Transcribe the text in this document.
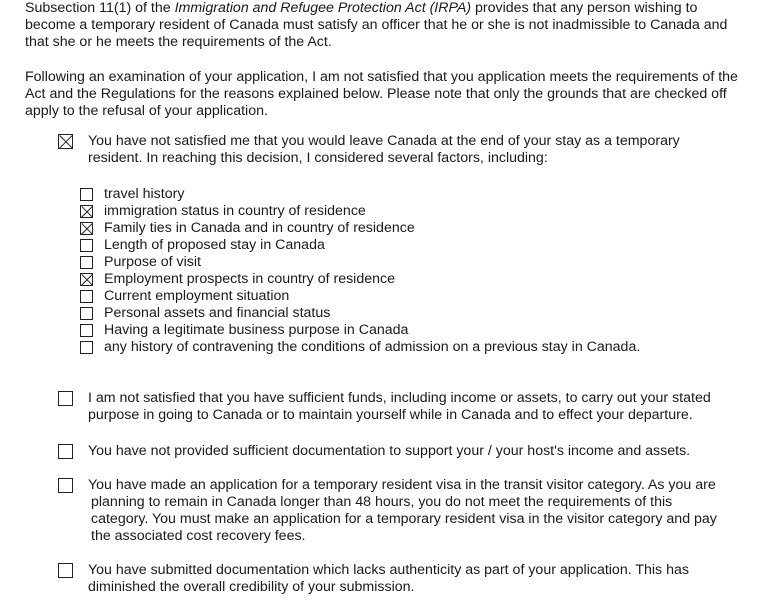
Subsection 11(1) of the Immigration and Refugee Protection Act (IRPA) provides that any person wishing to become a temporary resident of Canada must satisfy an officer that he or she is not inadmissible to Canada and that she or he meets the requirements of the Act.

Following an examination of your application, I am not satisfied that you application meets the requirements of the Act and the Regulations for the reasons explained below. Please note that only the grounds that are checked off apply to the refusal of your application.

You have not satisfied me that you would leave Canada at the end of your stay as a temporary resident. In reaching this decision, I considered several factors, including:

travel history
immigration status in country of residence
Family ties in Canada and in country of residence
Length of proposed stay in Canada
Purpose of visit
Employment prospects in country of residence
Current employment situation
Personal assets and financial status
Having a legitimate business purpose in Canada
any history of contravening the conditions of admission on a previous stay in Canada.

I am not satisfied that you have sufficient funds, including income or assets, to carry out your stated purpose in going to Canada or to maintain yourself while in Canada and to effect your departure.

You have not provided sufficient documentation to support your / your host's income and assets.

You have made an application for a temporary resident visa in the transit visitor category. As you are
planning to remain in Canada longer than 48 hours, you do not meet the requirements of this category. You must make an application for a temporary resident visa in the visitor category and pay the associated cost recovery fees.

You have submitted documentation which lacks authenticity as part of your application. This has diminished the overall credibility of your submission.
